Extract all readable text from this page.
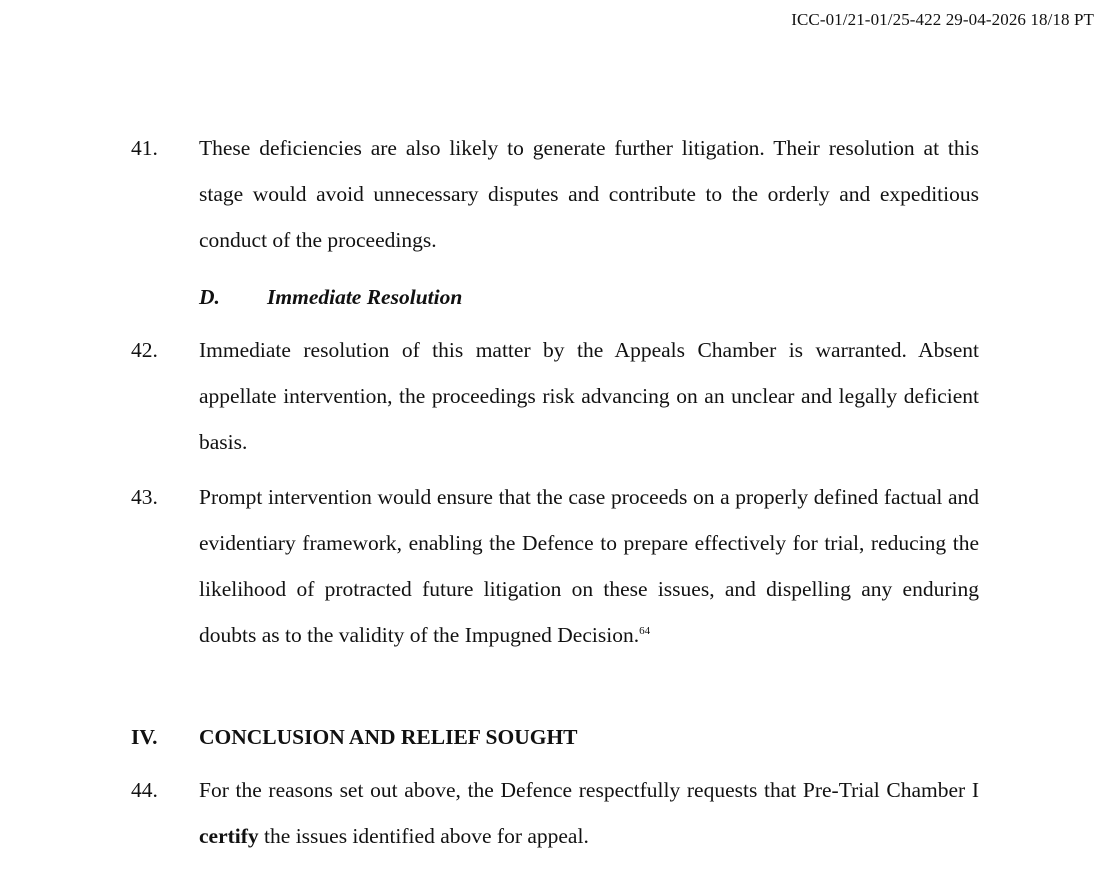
ICC-01/21-01/25-422 29-04-2026 18/18 PT
41. These deficiencies are also likely to generate further litigation. Their resolution at this stage would avoid unnecessary disputes and contribute to the orderly and expeditious conduct of the proceedings.
D. Immediate Resolution
42. Immediate resolution of this matter by the Appeals Chamber is warranted. Absent appellate intervention, the proceedings risk advancing on an unclear and legally deficient basis.
43. Prompt intervention would ensure that the case proceeds on a properly defined factual and evidentiary framework, enabling the Defence to prepare effectively for trial, reducing the likelihood of protracted future litigation on these issues, and dispelling any enduring doubts as to the validity of the Impugned Decision.$^{64}$
IV. CONCLUSION AND RELIEF SOUGHT
44. For the reasons set out above, the Defence respectfully requests that Pre-Trial Chamber I certify the issues identified above for appeal.
